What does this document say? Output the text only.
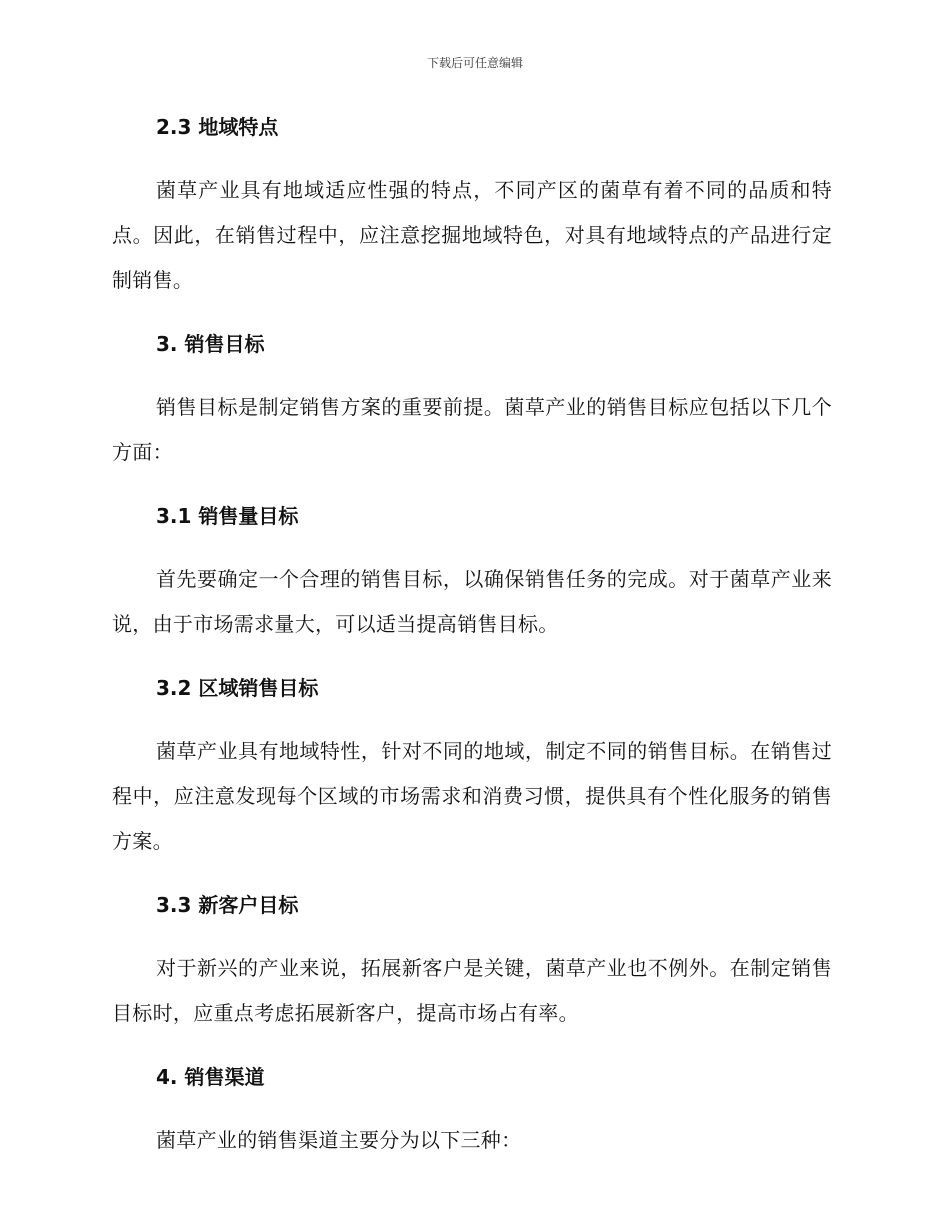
下载后可任意编辑
2.3 地域特点

菌草产业具有地域适应性强的特点，不同产区的菌草有着不同的品质和特点。因此，在销售过程中，应注意挖掘地域特色，对具有地域特点的产品进行定制销售。

3. 销售目标

销售目标是制定销售方案的重要前提。菌草产业的销售目标应包括以下几个方面：

3.1 销售量目标

首先要确定一个合理的销售目标，以确保销售任务的完成。对于菌草产业来说，由于市场需求量大，可以适当提高销售目标。

3.2 区域销售目标

菌草产业具有地域特性，针对不同的地域，制定不同的销售目标。在销售过程中，应注意发现每个区域的市场需求和消费习惯，提供具有个性化服务的销售方案。

3.3 新客户目标

对于新兴的产业来说，拓展新客户是关键，菌草产业也不例外。在制定销售目标时，应重点考虑拓展新客户，提高市场占有率。

4. 销售渠道

菌草产业的销售渠道主要分为以下三种：
